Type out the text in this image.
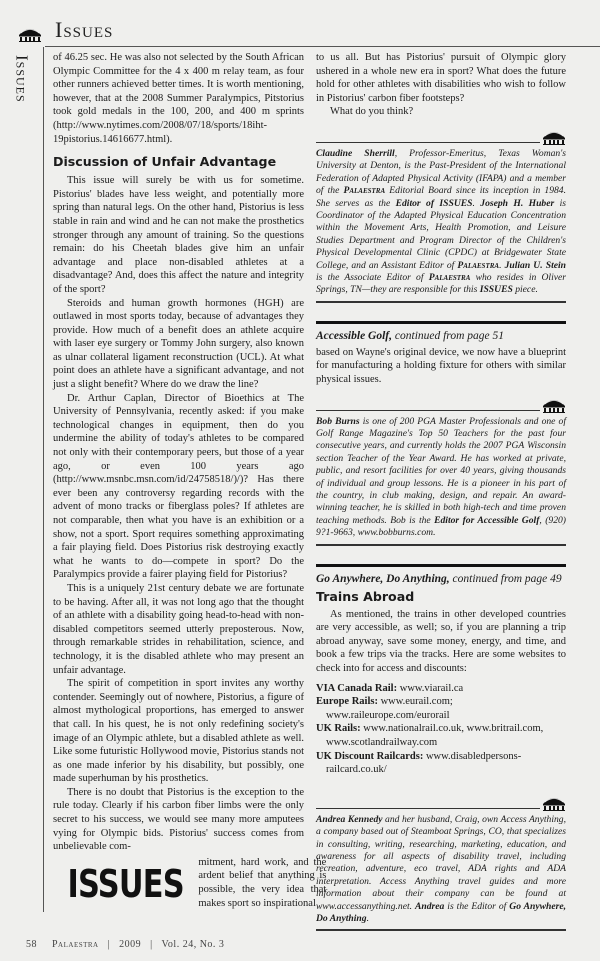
Issues
Issues of 46.25 sec. He was also not selected by the South African Olympic Committee for the 4 x 400 m relay team, as four other runners achieved better times. It is worth mentioning, however, that at the 2008 Summer Paralympics, Pitstorius took gold medals in the 100, 200, and 400 m sprints (http://www.nytimes.com/2008/07/18/sports/18iht-19pistorius.14616677.html).

Discussion of Unfair Advantage

This issue will surely be with us for sometime. Pistorius' blades have less weight, and potentially more spring than natural legs. On the other hand, Pistorius is less stable in rain and wind and he can not make the prosthetics stronger through any amount of training. So the questions remain: do his Cheetah blades give him an unfair advantage and place non-disabled athletes at a disadvantage? And, does this affect the nature and integrity of the sport?

Steroids and human growth hormones (HGH) are outlawed in most sports today, because of advantages they provide. How much of a benefit does an athlete acquire with laser eye surgery or Tommy John surgery, also known as ulnar collateral ligament reconstruction (UCL). At what point does an athlete have a significant advantage, and not just a slight benefit? Where do we draw the line?

Dr. Arthur Caplan, Director of Bioethics at The University of Pennsylvania, recently asked: if you make technological changes in equipment, then do you undermine the ability of today's athletes to be compared not only with their contemporary peers, but those of a year ago, or even 100 years ago (http://www.msnbc.msn.com/id/24758518/)/)? Has there ever been any controversy regarding records with the advent of mono tracks or fiberglass poles? If athletes are not comparable, then what you have is an exhibition or a show, not a sport. Sport requires something approximating a fair playing field. Does Pistorius risk destroying exactly what he wants to do—compete in sport? Do the Paralympics provide a fairer playing field for Pistorius?

This is a uniquely 21st century debate we are fortunate to be having. After all, it was not long ago that the thought of an athlete with a disability going head-to-head with non-disabled competitors seemed utterly preposterous. Now, through remarkable strides in rehabilitation, science, and technology, it is the disabled athlete who may present an unfair advantage.

The spirit of competition in sport invites any worthy contender. Seemingly out of nowhere, Pistorius, a figure of almost mythological proportions, has emerged to answer that call. In his quest, he is not only redefining society's image of an Olympic athlete, but a disabled athlete as well. Like some futuristic Hollywood movie, Pistorius stands not as one made inferior by his disability, but possibly, one made superhuman by his prosthetics.

There is no doubt that Pistorius is the exception to the rule today. Clearly if his carbon fiber limbs were the only secret to his success, we would see many more amputees vying for Olympic bids. Pistorius' success comes from unbelievable com-

ISSUES mitment, hard work, and the ardent belief that anything is possible, the very idea that makes sport so inspirational

to us all. But has Pistorius' pursuit of Olympic glory ushered in a whole new era in sport? What does the future hold for other athletes with disabilities who wish to follow in Pistorius' carbon fiber footsteps?

What do you think?

Claudine Sherrill, Professor-Emeritus, Texas Woman's University at Denton, is the Past-President of the International Federation of Adapted Physical Activity (IFAPA) and a member of the Palaestra Editorial Board since its inception in 1984. She serves as the Editor of ISSUES. Joseph H. Huber is Coordinator of the Adapted Physical Education Concentration within the Movement Arts, Health Promotion, and Leisure Studies Department and Program Director of the Children's Physical Developmental Clinic (CPDC) at Bridgewater State College, and an Assistant Editor of Palaestra. Julian U. Stein is the Associate Editor of Palaestra who resides in Oliver Springs, TN—they are responsible for this ISSUES piece.
Accessible Golf, continued from page 51
based on Wayne's original device, we now have a blueprint for manufacturing a holding fixture for others with similar physical issues.
Bob Burns is one of 200 PGA Master Professionals and one of Golf Range Magazine's Top 50 Teachers for the past four consecutive years, and currently holds the 2007 PGA Wisconsin section Teacher of the Year Award. He has worked at private, public, and resort facilities for over 40 years, giving thousands of individual and group lessons. He is a pioneer in his part of the country, in club making, design, and repair. An award-winning teacher, he is skilled in both high-tech and time proven teaching methods. Bob is the Editor for Accessible Golf, (920) 9?1-9663, www.bobburns.com.
Go Anywhere, Do Anything, continued from page 49
Trains Abroad

As mentioned, the trains in other developed countries are very accessible, as well; so, if you are planning a trip abroad anyway, save some money, energy, and time, and book a few trips via the tracks. Here are some websites to check into for access and discounts:

VIA Canada Rail: www.viarail.ca

Europe Rails: www.eurail.com; www.raileurope.com/eurorail

UK Rails: www.nationalrail.co.uk, www.britrail.com, www.scotlandrailway.com

UK Discount Railcards: www.disabledpersons-railcard.co.uk/

Andrea Kennedy and her husband, Craig, own Access Anything, a company based out of Steamboat Springs, CO, that specializes in consulting, writing, researching, marketing, education, and awareness for all aspects of disability travel, including recreation, adventure, eco travel, ADA rights and ADA interpretation. Access Anything travel guides and more information about their company can be found at www.accessanything.net. Andrea is the Editor of Go Anywhere, Do Anything.
58 Palaestra | 2009 | Vol. 24, No. 3
